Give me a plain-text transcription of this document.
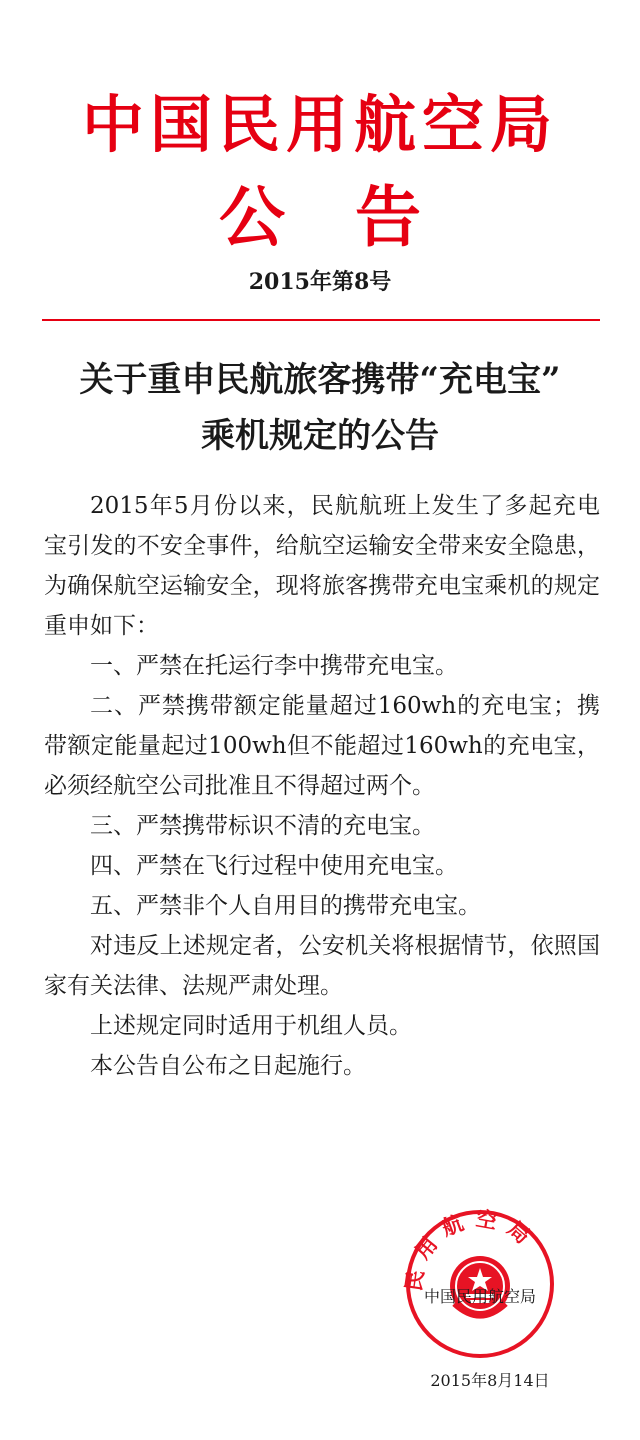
中国民用航空局
公告
2015年第8号
关于重申民航旅客携带“充电宝”
乘机规定的公告

2015年5月份以来，民航航班上发生了多起充电宝引发的不安全事件，给航空运输安全带来安全隐患，为确保航空运输安全，现将旅客携带充电宝乘机的规定重申如下：

一、严禁在托运行李中携带充电宝。

二、严禁携带额定能量超过160wh的充电宝；携带额定能量起过100wh但不能超过160wh的充电宝，必须经航空公司批准且不得超过两个。

三、严禁携带标识不清的充电宝。

四、严禁在飞行过程中使用充电宝。

五、严禁非个人自用目的携带充电宝。

对违反上述规定者，公安机关将根据情节，依照国家有关法律、法规严肃处理。

上述规定同时适用于机组人员。

本公告自公布之日起施行。

民用航空局
中国民用航空局
2015年8月14日
